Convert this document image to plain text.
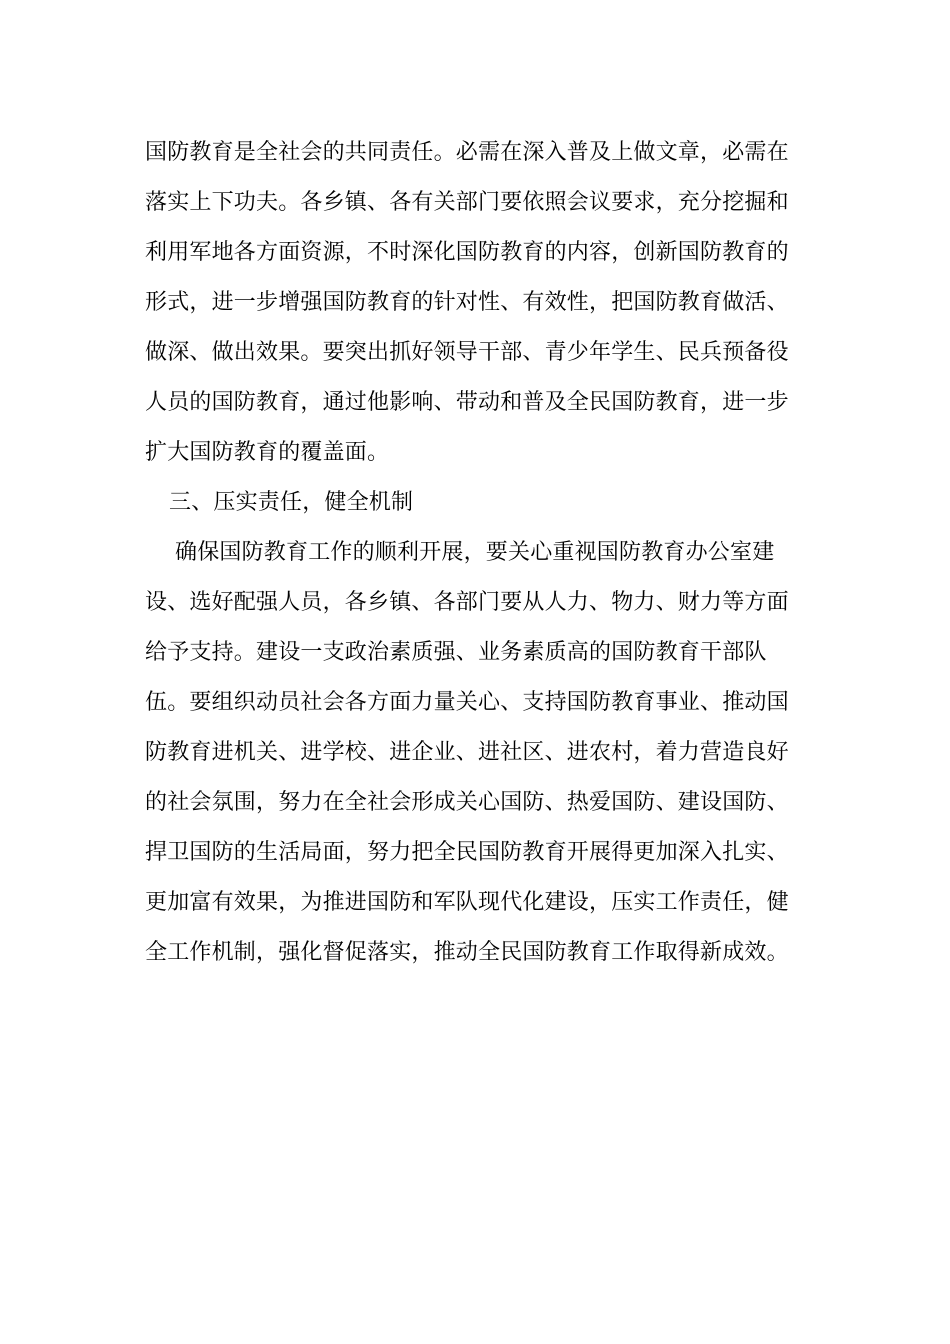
国防教育是全社会的共同责任。必需在深入普及上做文章，必需在
落实上下功夫。各乡镇、各有关部门要依照会议要求，充分挖掘和
利用军地各方面资源，不时深化国防教育的内容，创新国防教育的
形式，进一步增强国防教育的针对性、有效性，把国防教育做活、
做深、做出效果。要突出抓好领导干部、青少年学生、民兵预备役
人员的国防教育，通过他影响、带动和普及全民国防教育，进一步
扩大国防教育的覆盖面。
三、压实责任，健全机制
确保国防教育工作的顺利开展，要关心重视国防教育办公室建
设、选好配强人员，各乡镇、各部门要从人力、物力、财力等方面
给予支持。建设一支政治素质强、业务素质高的国防教育干部队
伍。要组织动员社会各方面力量关心、支持国防教育事业、推动国
防教育进机关、进学校、进企业、进社区、进农村，着力营造良好
的社会氛围，努力在全社会形成关心国防、热爱国防、建设国防、
捍卫国防的生活局面，努力把全民国防教育开展得更加深入扎实、
更加富有效果，为推进国防和军队现代化建设，压实工作责任，健
全工作机制，强化督促落实，推动全民国防教育工作取得新成效。
